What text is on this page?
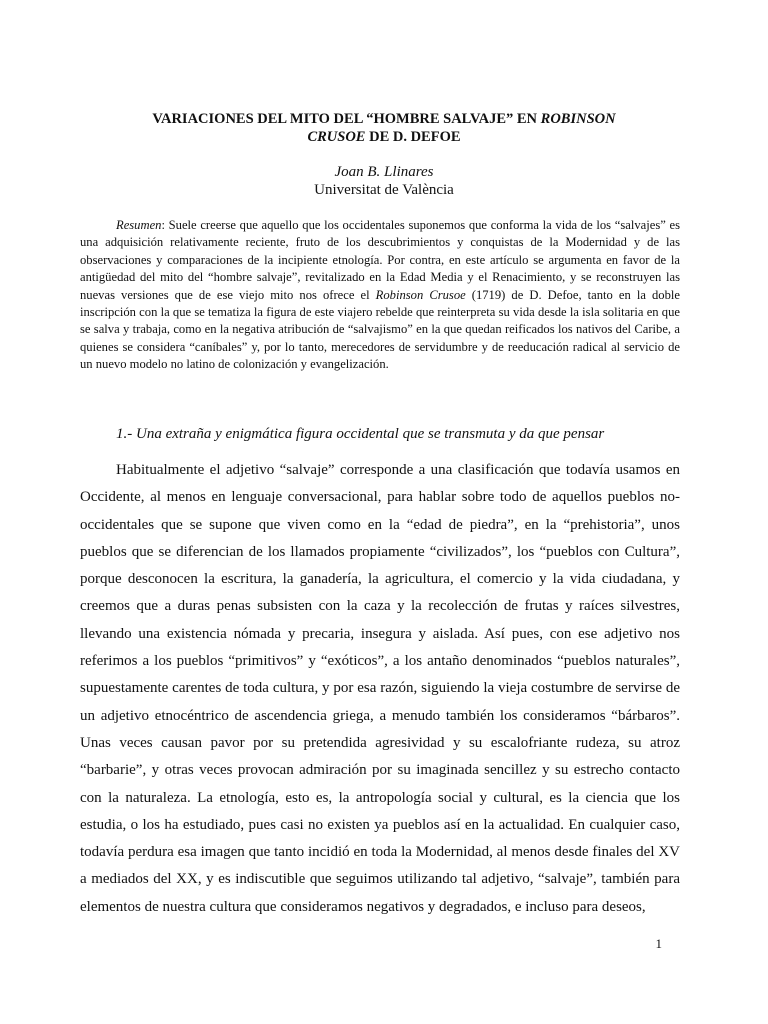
VARIACIONES DEL MITO DEL “HOMBRE SALVAJE” EN ROBINSON
CRUSOE DE D. DEFOE
Joan B. Llinares
Universitat de València

Resumen: Suele creerse que aquello que los occidentales suponemos que conforma la vida de los “salvajes” es una adquisición relativamente reciente, fruto de los descubrimientos y conquistas de la Modernidad y de las observaciones y comparaciones de la incipiente etnología. Por contra, en este artículo se argumenta en favor de la antigüedad del mito del “hombre salvaje”, revitalizado en la Edad Media y el Renacimiento, y se reconstruyen las nuevas versiones que de ese viejo mito nos ofrece el Robinson Crusoe (1719) de D. Defoe, tanto en la doble inscripción con la que se tematiza la figura de este viajero rebelde que reinterpreta su vida desde la isla solitaria en que se salva y trabaja, como en la negativa atribución de “salvajismo” en la que quedan reificados los nativos del Caribe, a quienes se considera “caníbales” y, por lo tanto, merecedores de servidumbre y de reeducación radical al servicio de un nuevo modelo no latino de colonización y evangelización.

1.- Una extraña y enigmática figura occidental que se transmuta y da que pensar

Habitualmente el adjetivo “salvaje” corresponde a una clasificación que todavía usamos en Occidente, al menos en lenguaje conversacional, para hablar sobre todo de aquellos pueblos no-occidentales que se supone que viven como en la “edad de piedra”, en la “prehistoria”, unos pueblos que se diferencian de los llamados propiamente “civilizados”, los “pueblos con Cultura”, porque desconocen la escritura, la ganadería, la agricultura, el comercio y la vida ciudadana, y creemos que a duras penas subsisten con la caza y la recolección de frutas y raíces silvestres, llevando una existencia nómada y precaria, insegura y aislada. Así pues, con ese adjetivo nos referimos a los pueblos “primitivos” y “exóticos”, a los antaño denominados “pueblos naturales”, supuestamente carentes de toda cultura, y por esa razón, siguiendo la vieja costumbre de servirse de un adjetivo etnocéntrico de ascendencia griega, a menudo también los consideramos “bárbaros”. Unas veces causan pavor por su pretendida agresividad y su escalofriante rudeza, su atroz “barbarie”, y otras veces provocan admiración por su imaginada sencillez y su estrecho contacto con la naturaleza. La etnología, esto es, la antropología social y cultural, es la ciencia que los estudia, o los ha estudiado, pues casi no existen ya pueblos así en la actualidad. En cualquier caso, todavía perdura esa imagen que tanto incidió en toda la Modernidad, al menos desde finales del XV a mediados del XX, y es indiscutible que seguimos utilizando tal adjetivo, “salvaje”, también para elementos de nuestra cultura que consideramos negativos y degradados, e incluso para deseos,

1
